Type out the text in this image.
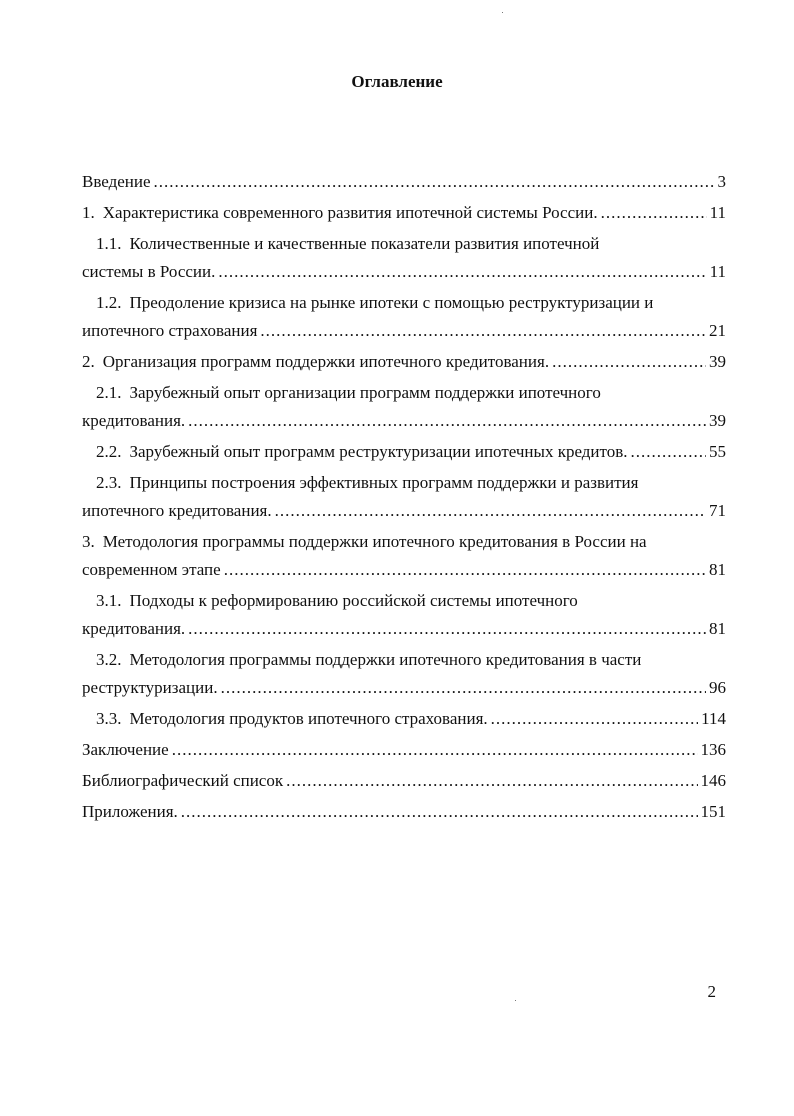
Оглавление
Введение .....	3
1. Характеристика современного развития ипотечной системы России. .....	11
1.1. Количественные и качественные показатели развития ипотечной
системы в России. .....	11
1.2. Преодоление кризиса на рынке ипотеки с помощью реструктуризации и
ипотечного страхования .....	21
2. Организация программ поддержки ипотечного кредитования. .....	39
2.1. Зарубежный опыт организации программ поддержки ипотечного
кредитования. .....	39
2.2. Зарубежный опыт программ реструктуризации ипотечных кредитов. .....	55
2.3. Принципы построения эффективных программ поддержки и развития
ипотечного кредитования. .....	71
3. Методология программы поддержки ипотечного кредитования в России на
современном этапе .....	81
3.1. Подходы к реформированию российской системы ипотечного
кредитования. .....	81
3.2. Методология программы поддержки ипотечного кредитования в части
реструктуризации. .....	96
3.3. Методология продуктов ипотечного страхования. .....	114
Заключение .....	136
Библиографический список .....	146
Приложения. .....	151
2
